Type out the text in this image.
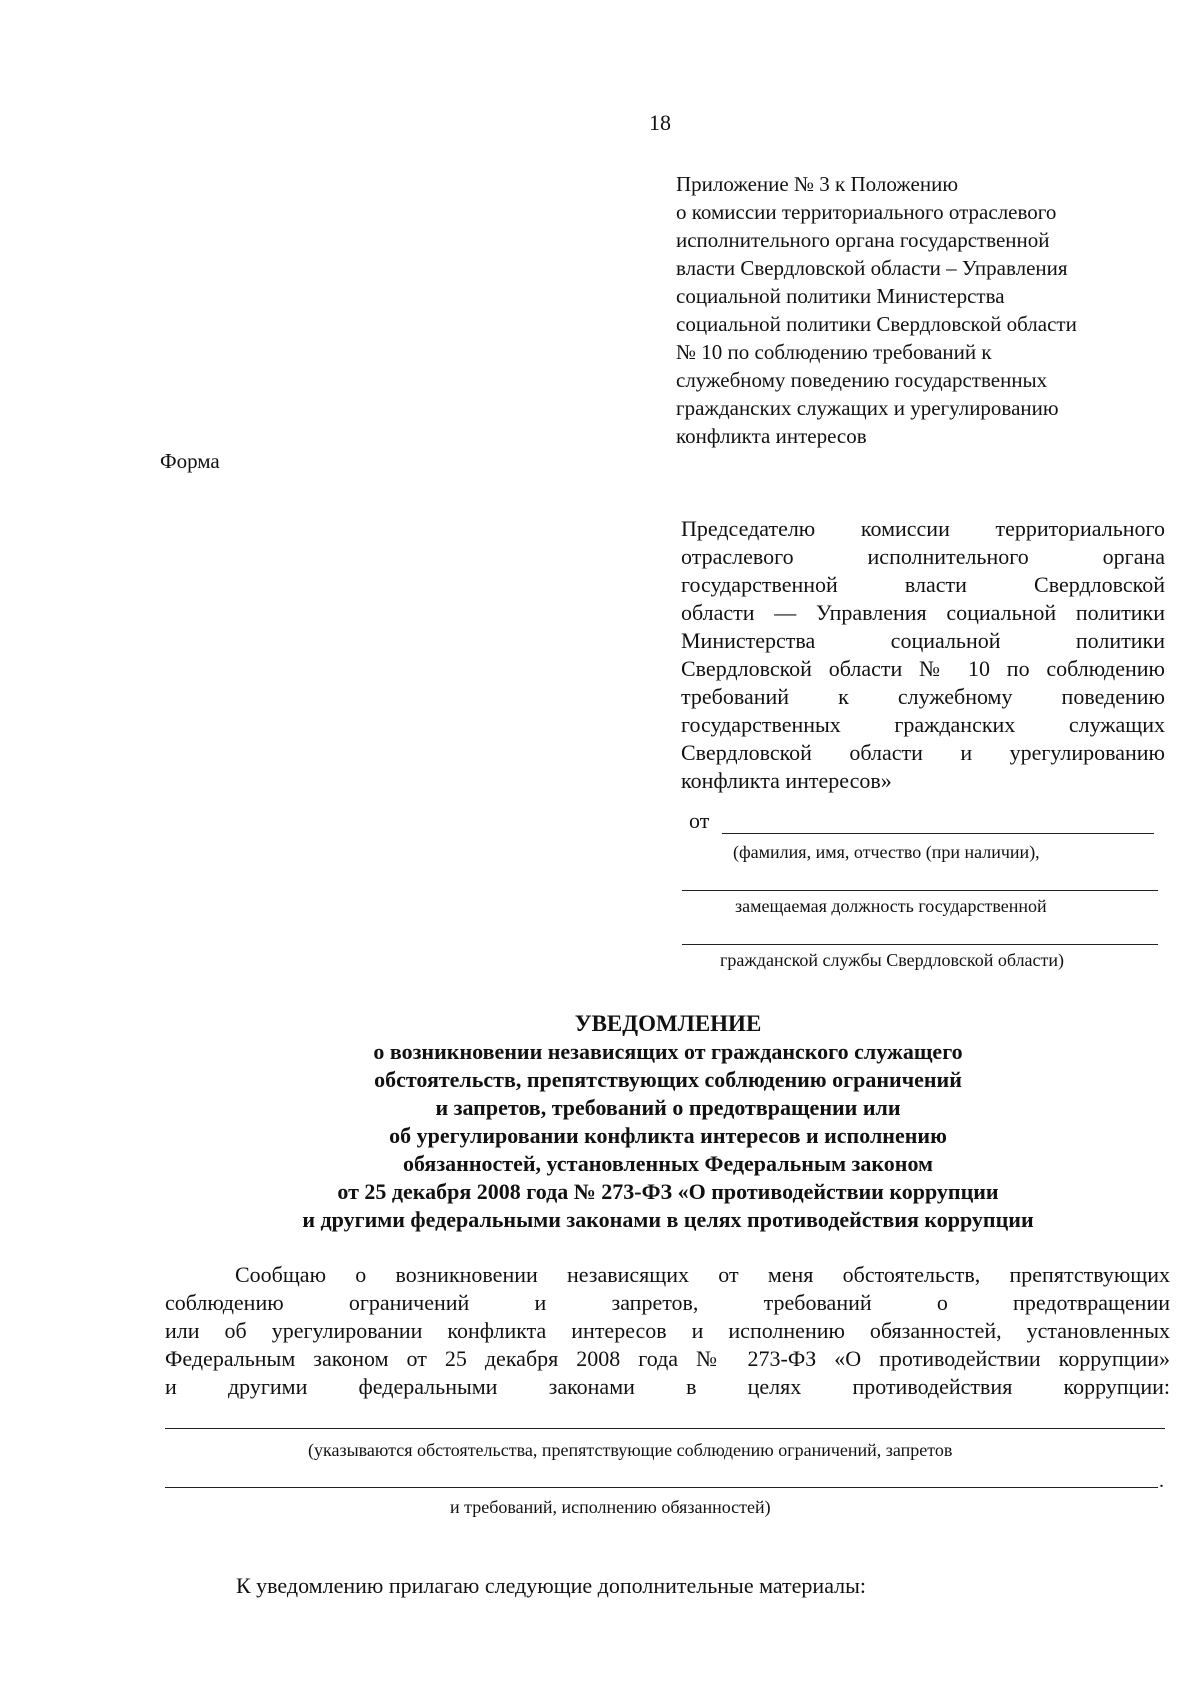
18
Приложение № 3 к Положению
о комиссии территориального отраслевого
исполнительного органа государственной
власти Свердловской области – Управления
социальной политики Министерства
социальной политики Свердловской области
№ 10 по соблюдению требований к
служебному поведению государственных
гражданских служащих и урегулированию
конфликта интересов
Форма
Председателю комиссии территориального
отраслевого исполнительного органа
государственной власти Свердловской
области — Управления социальной политики
Министерства социальной политики
Свердловской области № 10 по соблюдению
требований к служебному поведению
государственных гражданских служащих
Свердловской области и урегулированию
конфликта интересов»
от
(фамилия, имя, отчество (при наличии),
замещаемая должность государственной
гражданской службы Свердловской области)
УВЕДОМЛЕНИЕ
о возникновении независящих от гражданского служащего
обстоятельств, препятствующих соблюдению ограничений
и запретов, требований о предотвращении или
об урегулировании конфликта интересов и исполнению
обязанностей, установленных Федеральным законом
от 25 декабря 2008 года № 273-ФЗ «О противодействии коррупции
и другими федеральными законами в целях противодействия коррупции
Сообщаю о возникновении независящих от меня обстоятельств, препятствующих
соблюдению ограничений и запретов, требований о предотвращении
или об урегулировании конфликта интересов и исполнению обязанностей, установленных
Федеральным законом от 25 декабря 2008 года № 273-ФЗ «О противодействии коррупции»
и другими федеральными законами в целях противодействия коррупции:
(указываются обстоятельства, препятствующие соблюдению ограничений, запретов
.
и требований, исполнению обязанностей)
К уведомлению прилагаю следующие дополнительные материалы:
